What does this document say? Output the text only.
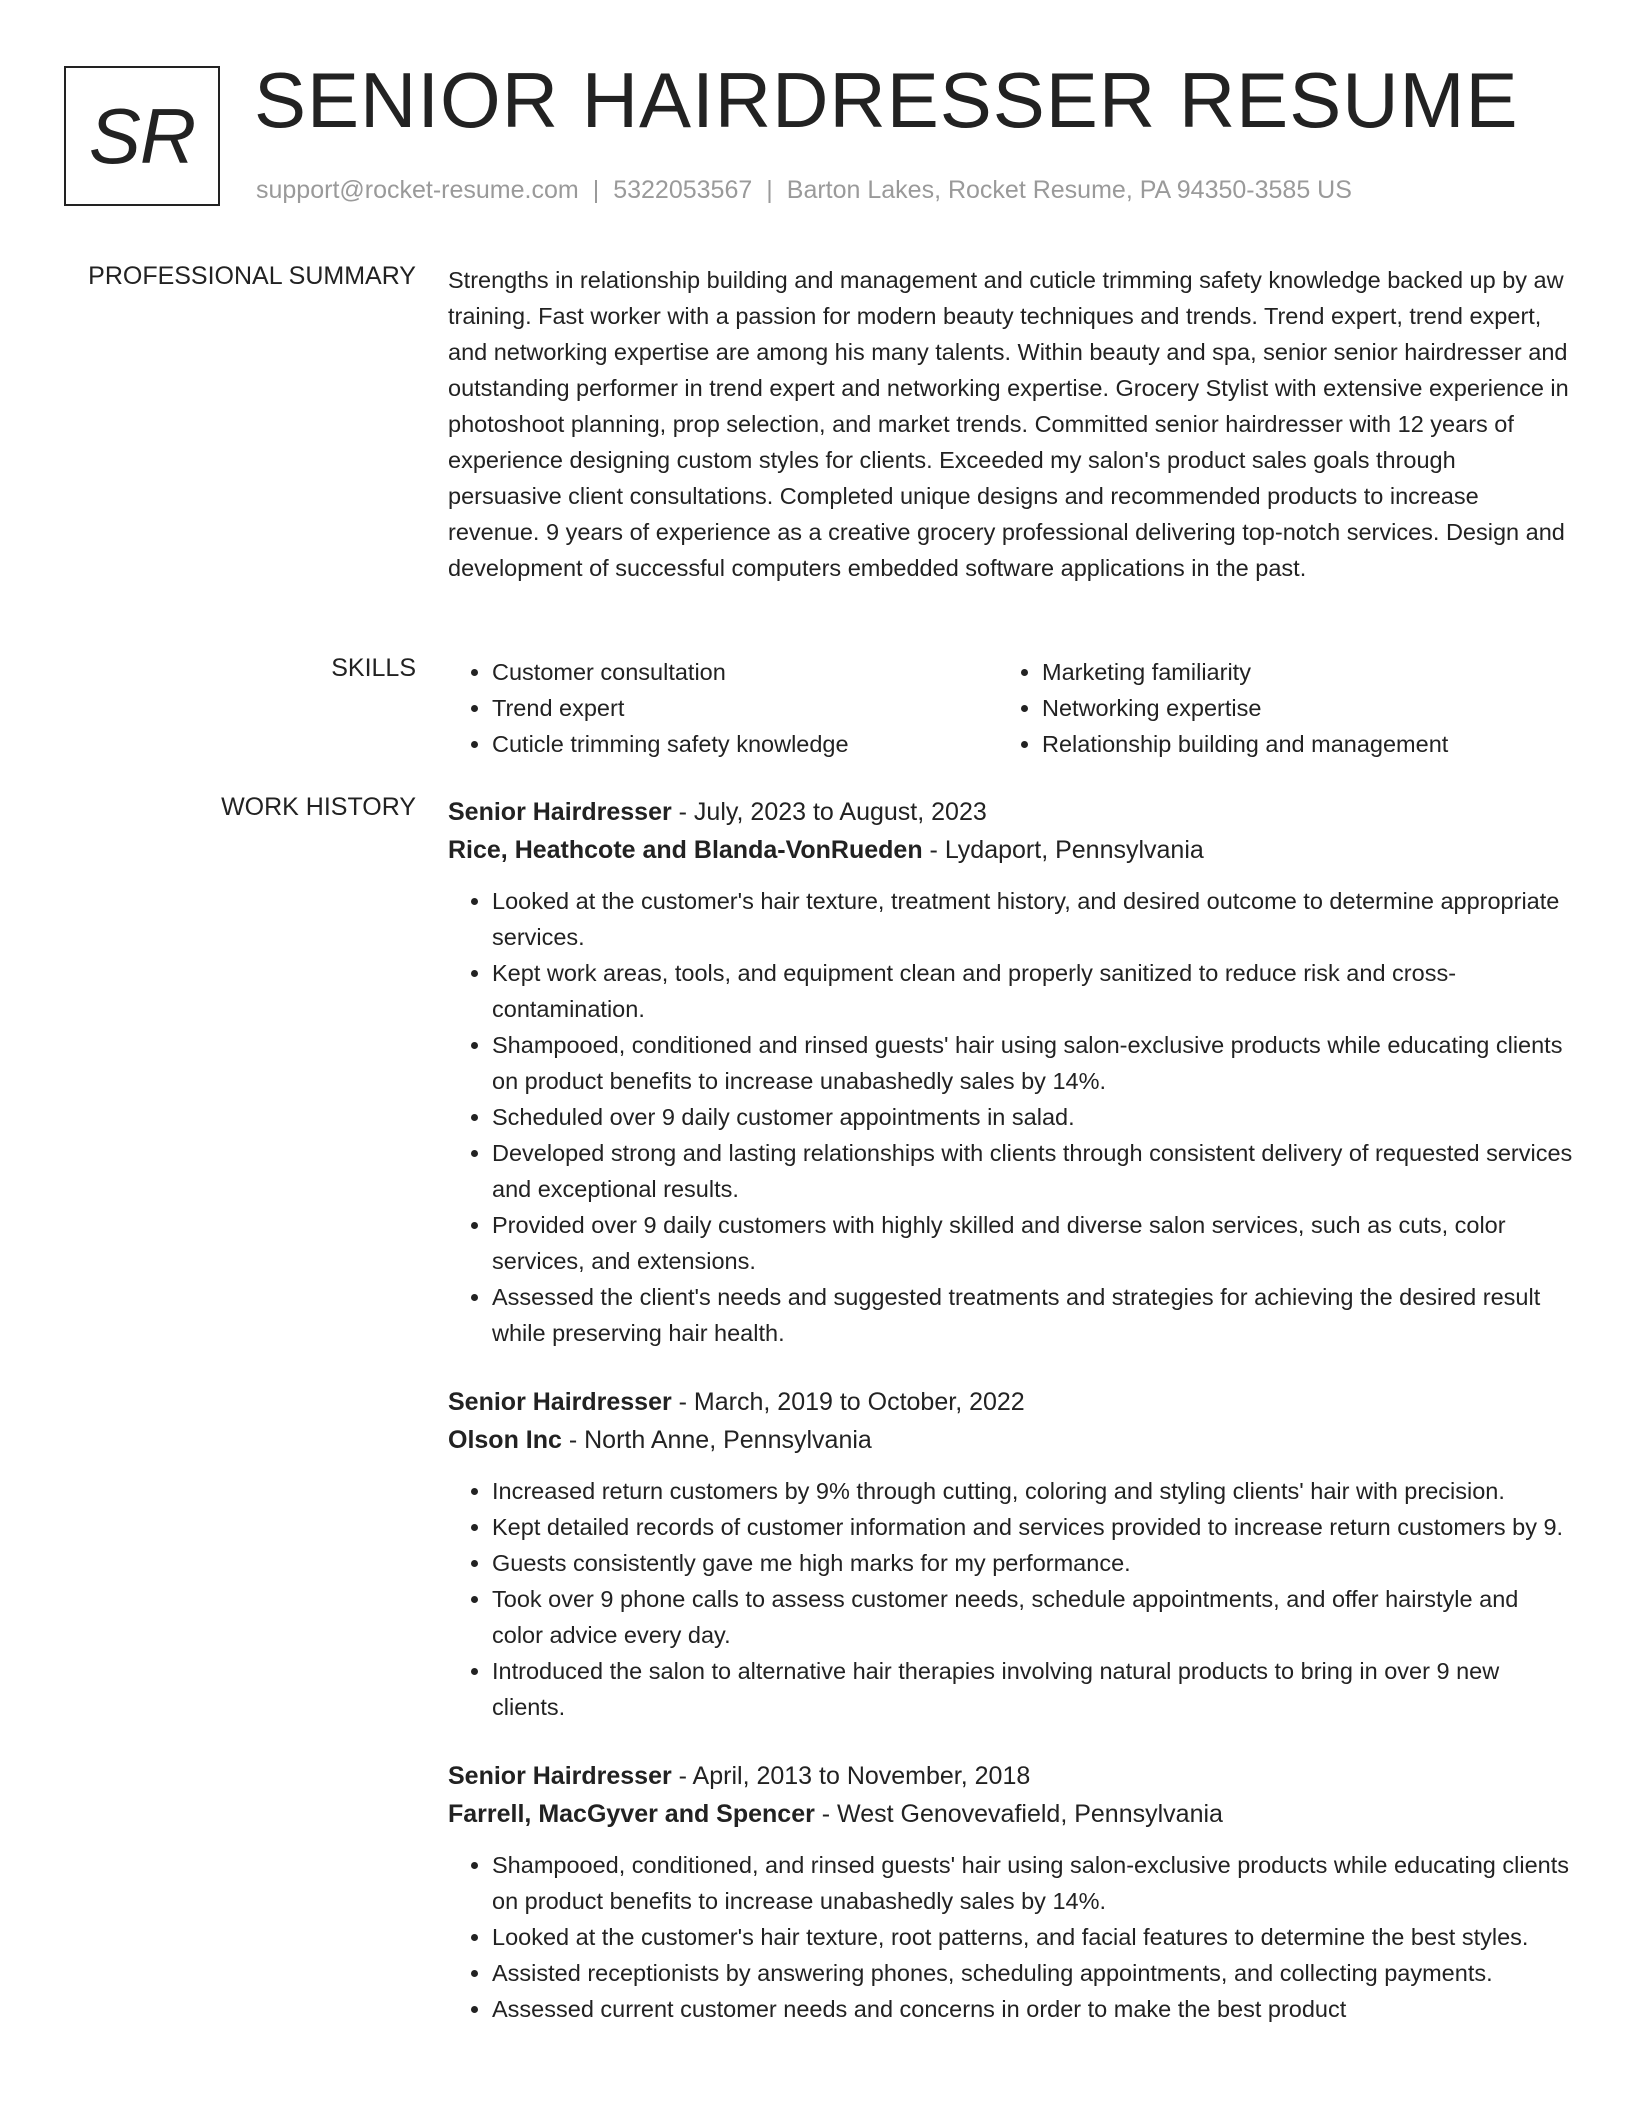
SR SENIOR HAIRDRESSER RESUME
support@rocket-resume.com | 5322053567 | Barton Lakes, Rocket Resume, PA 94350-3585 US
PROFESSIONAL SUMMARY Strengths in relationship building and management and cuticle trimming safety knowledge backed up by aw training. Fast worker with a passion for modern beauty techniques and trends. Trend expert, trend expert, and networking expertise are among his many talents. Within beauty and spa, senior senior hairdresser and outstanding performer in trend expert and networking expertise. Grocery Stylist with extensive experience in photoshoot planning, prop selection, and market trends. Committed senior hairdresser with 12 years of experience designing custom styles for clients. Exceeded my salon's product sales goals through persuasive client consultations. Completed unique designs and recommended products to increase revenue. 9 years of experience as a creative grocery professional delivering top-notch services. Design and development of successful computers embedded software applications in the past.

SKILLS
•	Customer consultation
• Trend expert
• Cuticle trimming safety knowledge
• Marketing familiarity
• Networking expertise
• Relationship building and management
WORK HISTORY Senior Hairdresser - July, 2023 to August, 2023
Rice, Heathcote and Blanda-VonRueden - Lydaport, Pennsylvania
• Looked at the customer's hair texture, treatment history, and desired outcome to determine appropriate services.
• Kept work areas, tools, and equipment clean and properly sanitized to reduce risk and cross-contamination.
• Shampooed, conditioned and rinsed guests' hair using salon-exclusive products while educating clients on product benefits to increase unabashedly sales by 14%.
• Scheduled over 9 daily customer appointments in salad.
• Developed strong and lasting relationships with clients through consistent delivery of requested services and exceptional results.
• Provided over 9 daily customers with highly skilled and diverse salon services, such as cuts, color services, and extensions.
• Assessed the client's needs and suggested treatments and strategies for achieving the desired result while preserving hair health.
Senior Hairdresser - March, 2019 to October, 2022
Olson Inc - North Anne, Pennsylvania
• Increased return customers by 9% through cutting, coloring and styling clients' hair with precision.
• Kept detailed records of customer information and services provided to increase return customers by 9.
• Guests consistently gave me high marks for my performance.
• Took over 9 phone calls to assess customer needs, schedule appointments, and offer hairstyle and color advice every day.
• Introduced the salon to alternative hair therapies involving natural products to bring in over 9 new clients.
Senior Hairdresser - April, 2013 to November, 2018
Farrell, MacGyver and Spencer - West Genovevafield, Pennsylvania
• Shampooed, conditioned, and rinsed guests' hair using salon-exclusive products while educating clients on product benefits to increase unabashedly sales by 14%.
• Looked at the customer's hair texture, root patterns, and facial features to determine the best styles.
• Assisted receptionists by answering phones, scheduling appointments, and collecting payments.
• Assessed current customer needs and concerns in order to make the best product
